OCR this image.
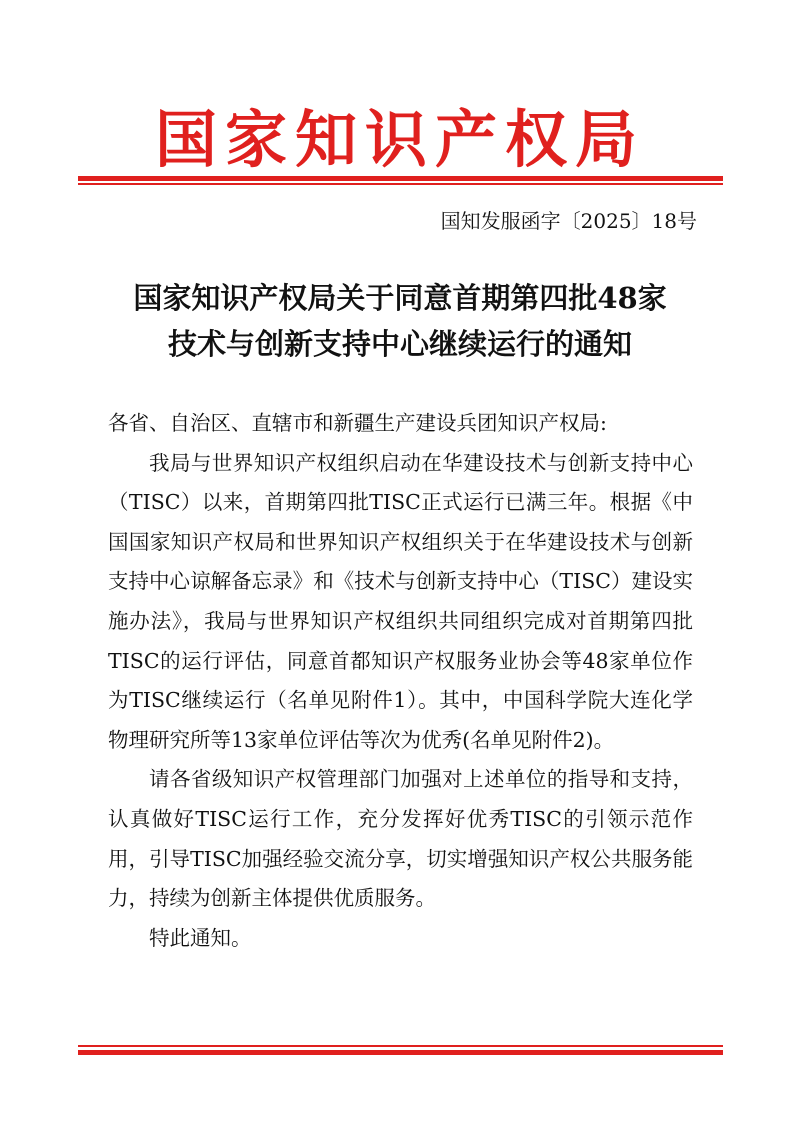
国家知识产权局
国知发服函字〔2025〕18号
国家知识产权局关于同意首期第四批48家
技术与创新支持中心继续运行的通知

各省、自治区、直辖市和新疆生产建设兵团知识产权局:

我局与世界知识产权组织启动在华建设技术与创新支持中心（TISC）以来，首期第四批TISC正式运行已满三年。根据《中国国家知识产权局和世界知识产权组织关于在华建设技术与创新支持中心谅解备忘录》和《技术与创新支持中心（TISC）建设实施办法》，我局与世界知识产权组织共同组织完成对首期第四批TISC的运行评估，同意首都知识产权服务业协会等48家单位作为TISC继续运行（名单见附件1）。其中，中国科学院大连化学物理研究所等13家单位评估等次为优秀(名单见附件2)。

请各省级知识产权管理部门加强对上述单位的指导和支持，认真做好TISC运行工作，充分发挥好优秀TISC的引领示范作用，引导TISC加强经验交流分享，切实增强知识产权公共服务能力，持续为创新主体提供优质服务。

特此通知。
